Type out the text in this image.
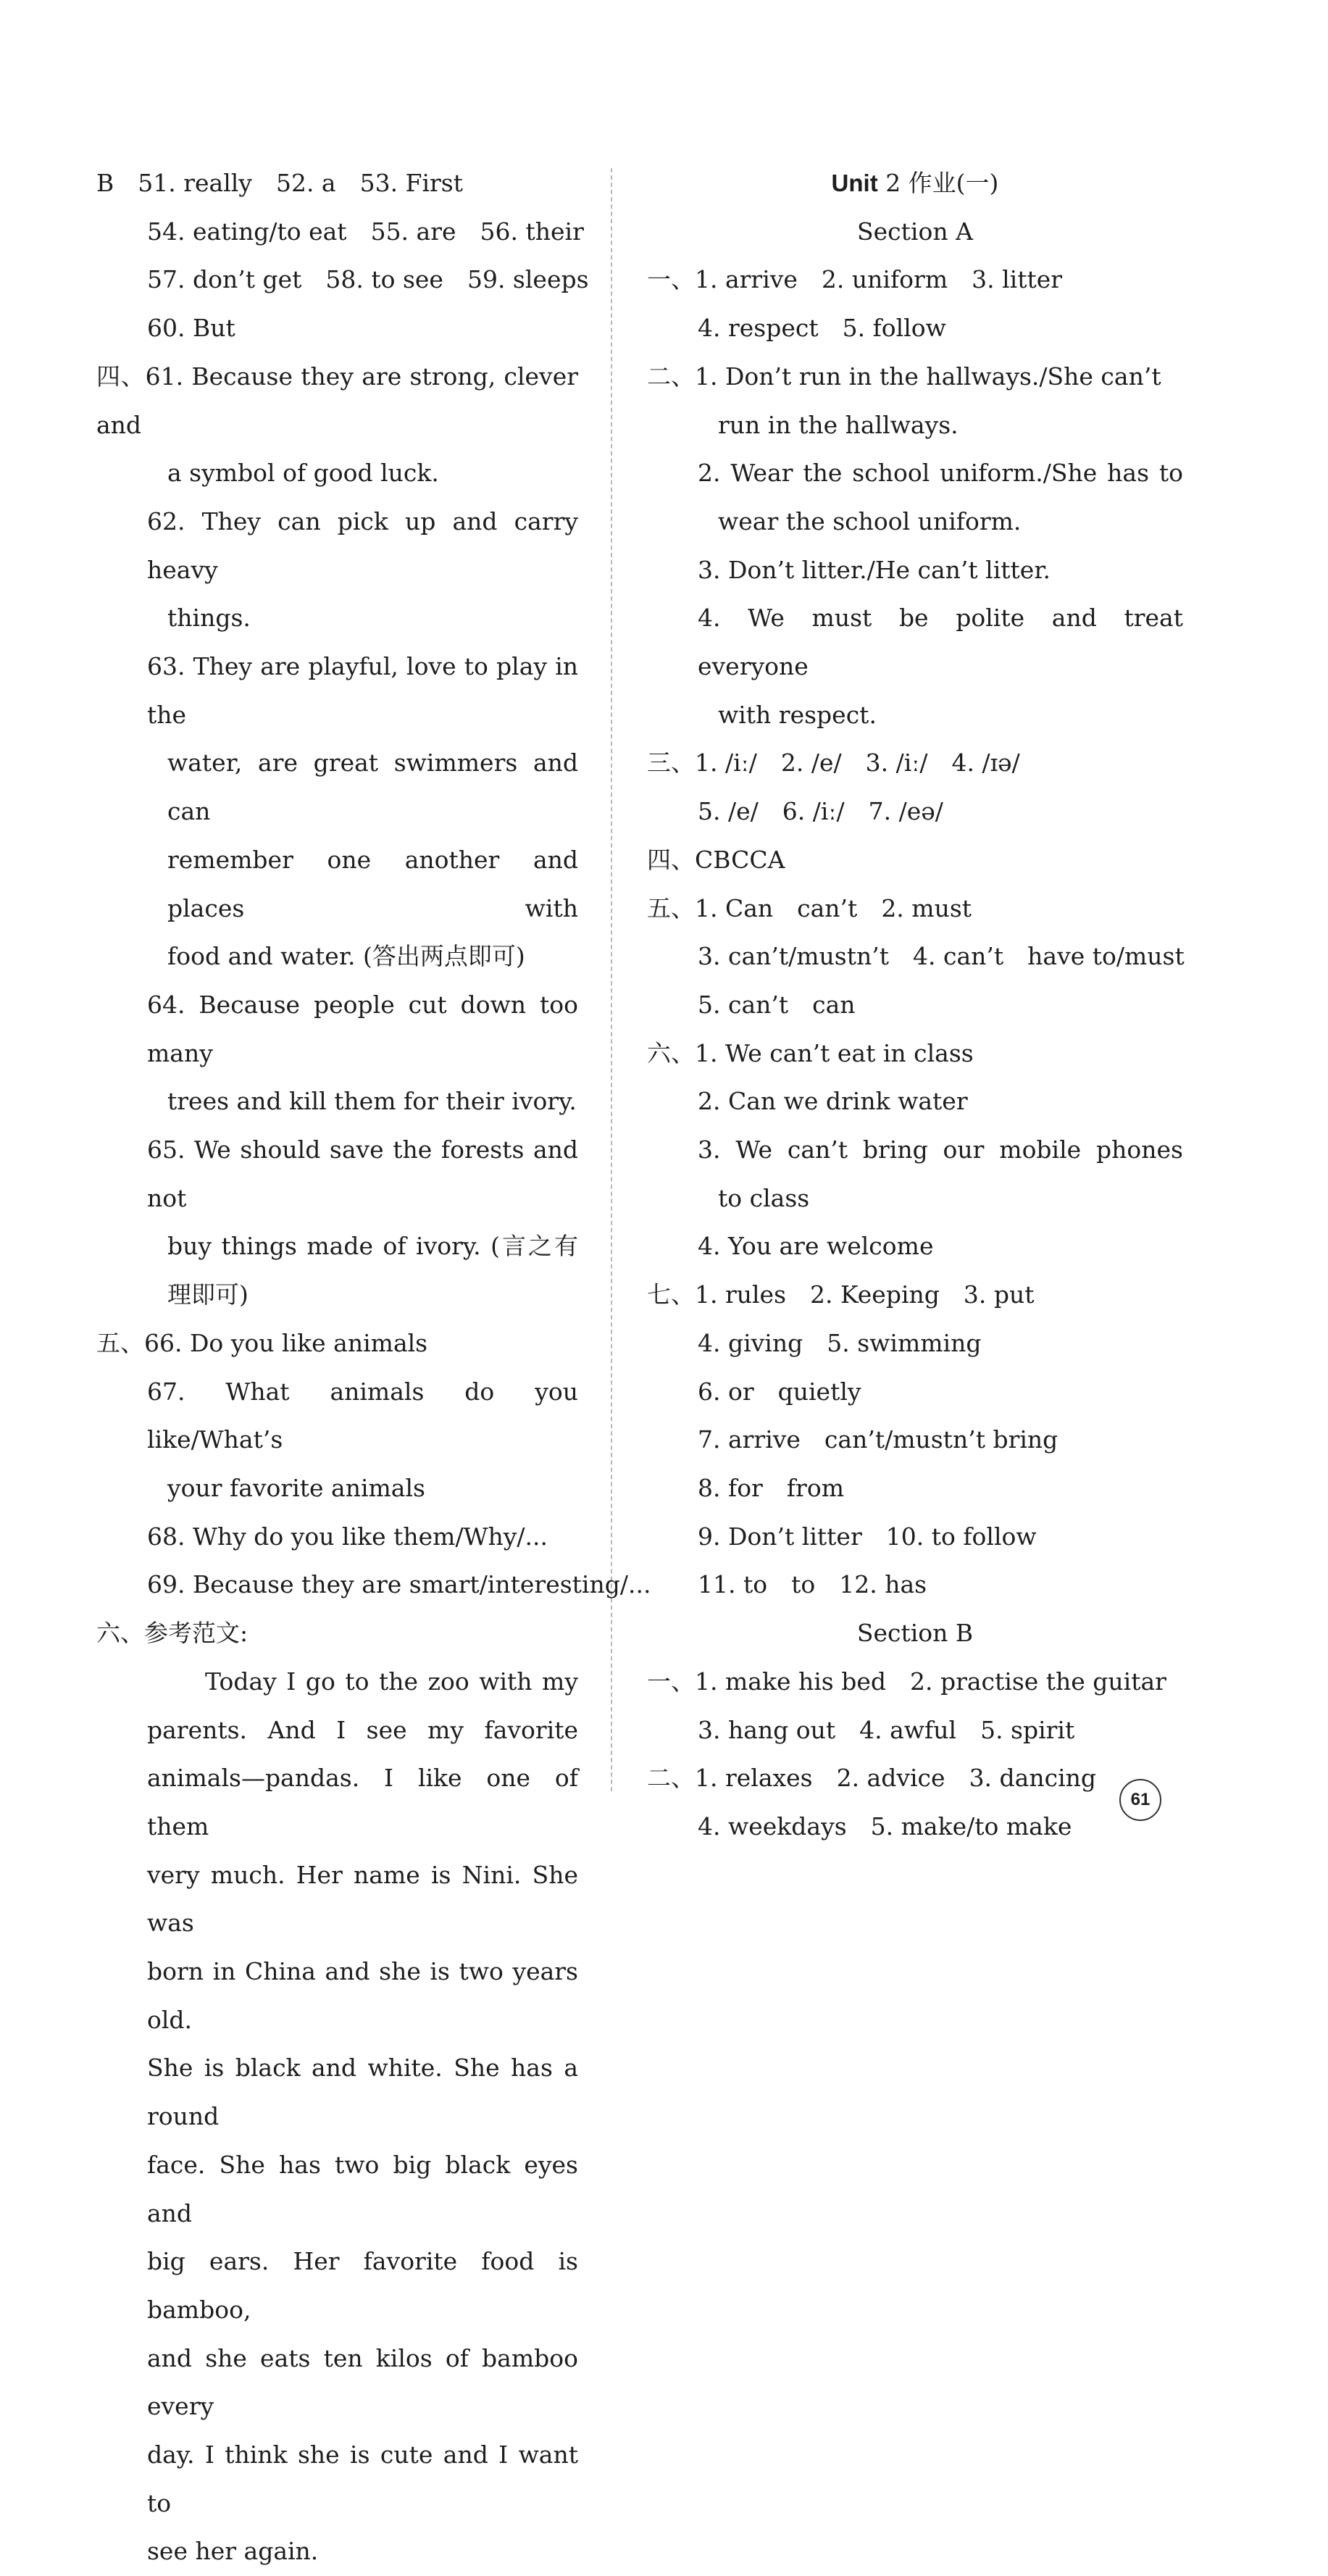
B　51. really　52. a　53. First

54. eating/to eat　55. are　56. their

57. don’t get　58. to see　59. sleeps

60. But

四、61. Because they are strong, clever and

a symbol of good luck.

62. They can pick up and carry heavy

things.

63. They are playful, love to play in the

water, are great swimmers and can

remember one another and places with

food and water. (答出两点即可)

64. Because people cut down too many

trees and kill them for their ivory.

65. We should save the forests and not

buy things made of ivory. (言之有

理即可)

五、66. Do you like animals

67. What animals do you like/What’s

your favorite animals

68. Why do you like them/Why/...

69. Because they are smart/interesting/...

六、参考范文:

Today I go to the zoo with my

parents. And I see my favorite

animals—pandas. I like one of them

very much. Her name is Nini. She was

born in China and she is two years old.

She is black and white. She has a round

face. She has two big black eyes and

big ears. Her favorite food is bamboo,

and she eats ten kilos of bamboo every

day. I think she is cute and I want to

see her again.

Unit 2 作业(一)

Section A

一、1. arrive　2. uniform　3. litter

4. respect　5. follow

二、1. Don’t run in the hallways./She can’t

run in the hallways.

2. Wear the school uniform./She has to

wear the school uniform.

3. Don’t litter./He can’t litter.

4. We must be polite and treat everyone

with respect.

三、1. /iː/　2. /e/　3. /iː/　4. /ɪə/

5. /e/　6. /iː/　7. /eə/

四、CBCCA

五、1. Can　can’t　2. must

3. can’t/mustn’t　4. can’t　have to/must

5. can’t　can

六、1. We can’t eat in class

2. Can we drink water

3. We can’t bring our mobile phones

to class

4. You are welcome

七、1. rules　2. Keeping　3. put

4. giving　5. swimming

6. or　quietly

7. arrive　can’t/mustn’t bring

8. for　from

9. Don’t litter　10. to follow

11. to　to　12. has

Section B

一、1. make his bed　2. practise the guitar

3. hang out　4. awful　5. spirit

二、1. relaxes　2. advice　3. dancing

4. weekdays　5. make/to make

61
